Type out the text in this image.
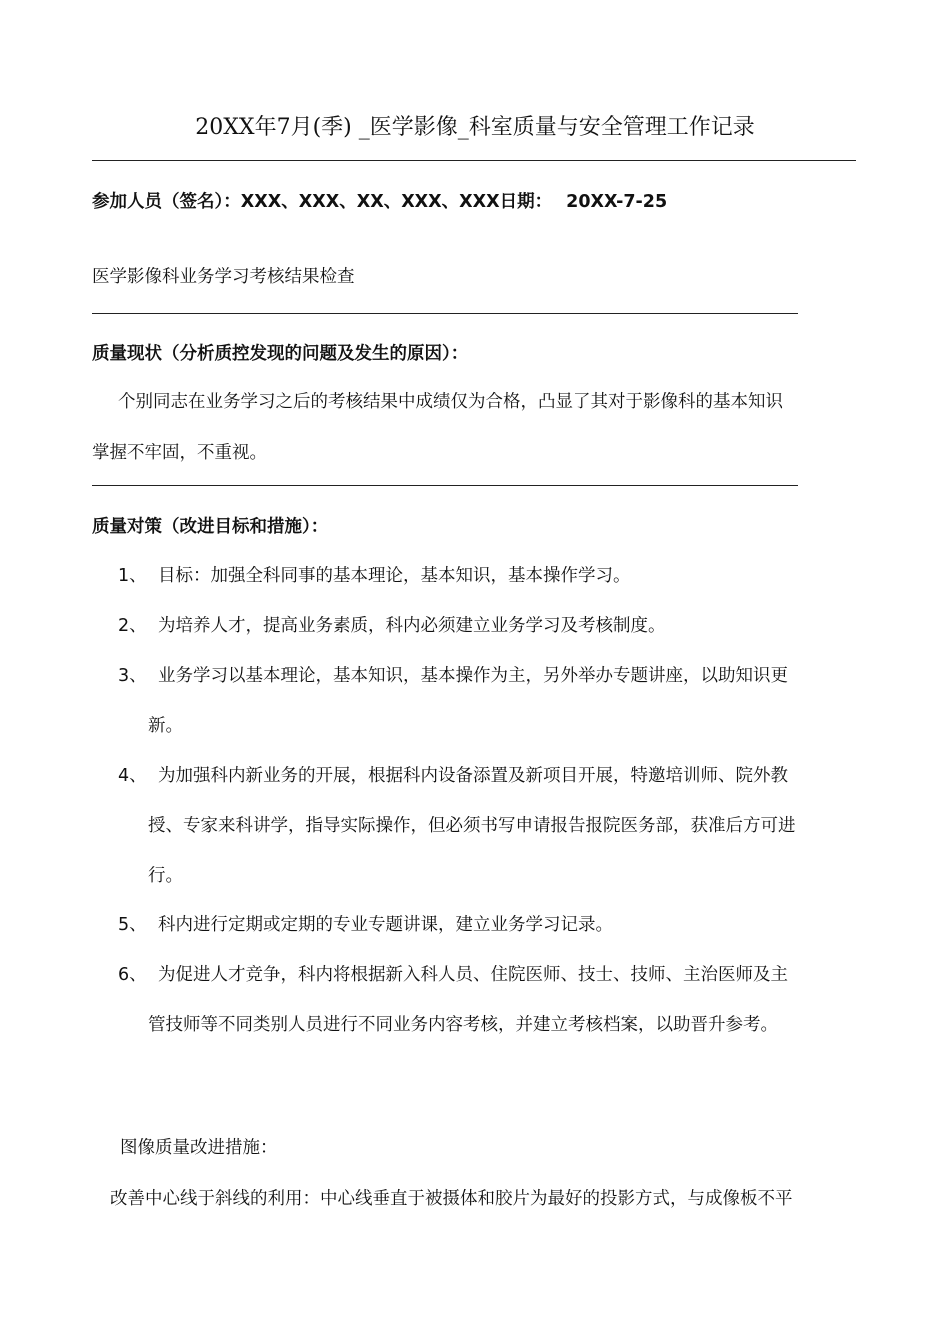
20XX年7月(季) _医学影像_科室质量与安全管理工作记录
参加人员（签名）：XXX、XXX、XX、XXX、XXX日期： 20XX-7-25
医学影像科业务学习考核结果检查
质量现状（分析质控发现的问题及发生的原因）：
个别同志在业务学习之后的考核结果中成绩仅为合格，凸显了其对于影像科的基本知识
掌握不牢固，不重视。
质量对策（改进目标和措施）：
1、 目标：加强全科同事的基本理论，基本知识，基本操作学习。
2、 为培养人才，提高业务素质，科内必须建立业务学习及考核制度。
3、 业务学习以基本理论，基本知识，基本操作为主，另外举办专题讲座，以助知识更
新。
4、 为加强科内新业务的开展，根据科内设备添置及新项目开展，特邀培训师、院外教
授、专家来科讲学，指导实际操作，但必须书写申请报告报院医务部，获准后方可进
行。
5、 科内进行定期或定期的专业专题讲课，建立业务学习记录。
6、 为促进人才竞争，科内将根据新入科人员、住院医师、技士、技师、主治医师及主
管技师等不同类别人员进行不同业务内容考核，并建立考核档案，以助晋升参考。
图像质量改进措施：
改善中心线于斜线的利用：中心线垂直于被摄体和胶片为最好的投影方式，与成像板不平
